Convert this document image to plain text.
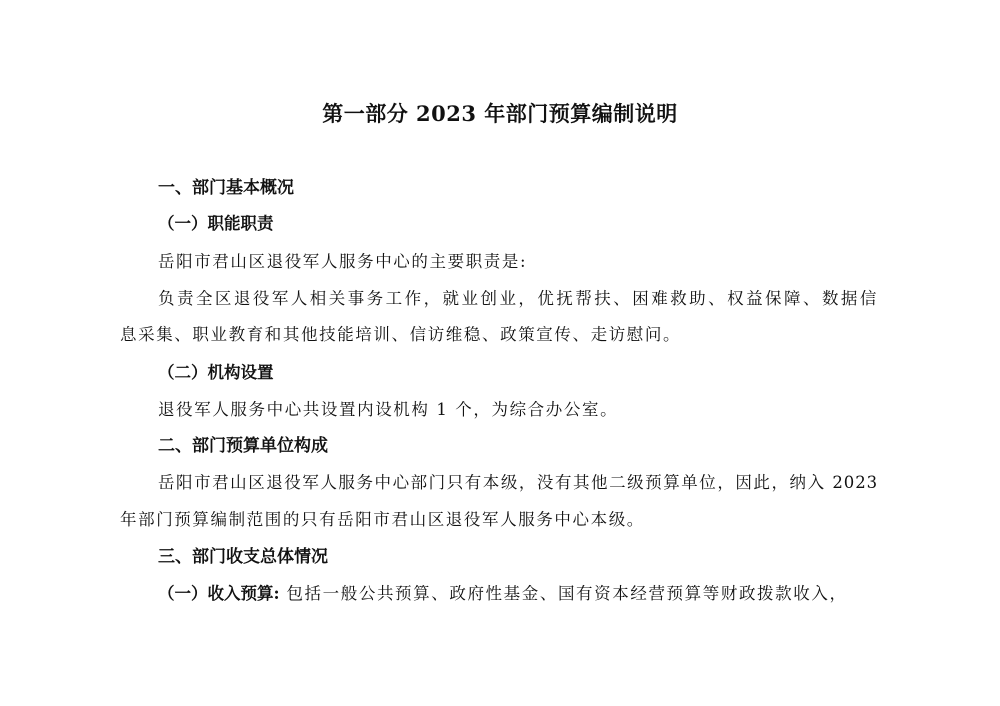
第一部分 2023 年部门预算编制说明
一、部门基本概况
（一）职能职责
岳阳市君山区退役军人服务中心的主要职责是:
负责全区退役军人相关事务工作，就业创业，优抚帮扶、困难救助、权益保障、数据信
息采集、职业教育和其他技能培训、信访维稳、政策宣传、走访慰问。
（二）机构设置
退役军人服务中心共设置内设机构 1 个，为综合办公室。
二、部门预算单位构成
岳阳市君山区退役军人服务中心部门只有本级，没有其他二级预算单位，因此，纳入 2023
年部门预算编制范围的只有岳阳市君山区退役军人服务中心本级。
三、部门收支总体情况
（一）收入预算: 包括一般公共预算、政府性基金、国有资本经营预算等财政拨款收入，
